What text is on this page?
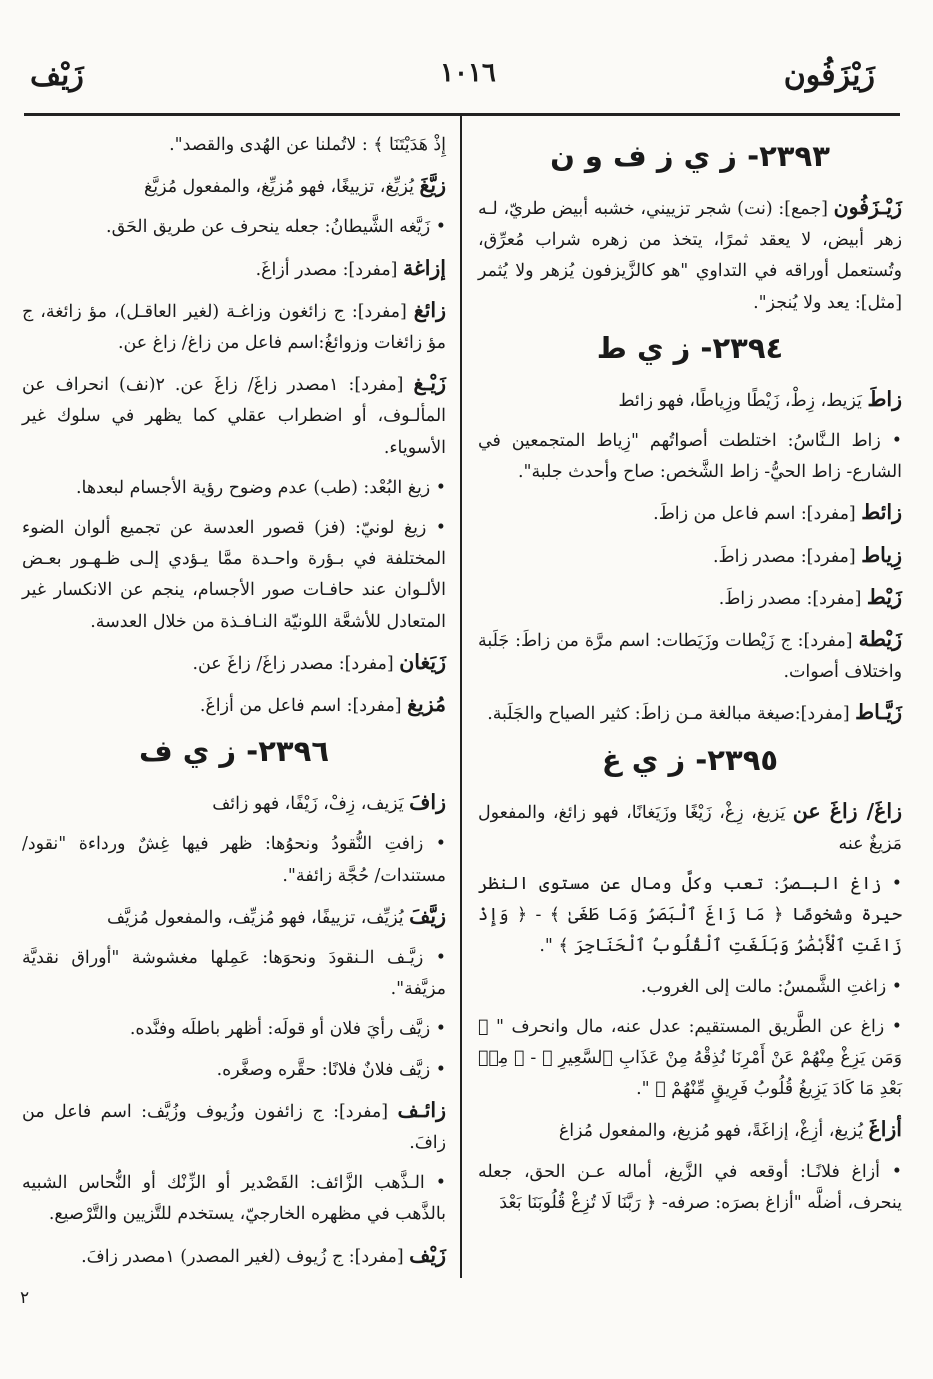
زَيْزَفُون
١٠١٦
زَيْف
٢٣٩٣- ز ي ز ف و ن

زَيْـزَفُون [جمع]: (نت) شجر تزييني، خشبه أبيض طريّ، لـه زهر أبيض، لا يعقد ثمرًا، يتخذ من زهره شراب مُعرِّق، وتُستعمل أوراقه في التداوي "هو كالزَّيزفون يُزهر ولا يُثمر [مثل]: يعد ولا يُنجز".

٢٣٩٤- ز ي ط

زاطَ يَزيط، زِطْ، زَيْطًا وزِياطًا، فهو زائط

• زاط الـنَّاسُ: اختلطت أصواتُهم "زِياط المتجمعين في الشارع- زاط الحيُّ- زاط الشَّخص: صاح وأحدث جلبة".

زائط [مفرد]: اسم فاعل من زاطَ.

زِياط [مفرد]: مصدر زاطَ.

زَيْط [مفرد]: مصدر زاطَ.

زَيْطة [مفرد]: ج زَيْطات وزَيَطات: اسم مرَّة من زاطَ: جَلَبة واختلاف أصوات.

زَيَّـاط [مفرد]:صيغة مبالغة مـن زاطَ: كثير الصياح والجَلَبة.

٢٣٩٥- ز ي غ

زاغَ/ زاغَ عن يَزيغ، زِغْ، زَيْغًا وزَيَغانًا، فهو زائغ، والمفعول مَزيغٌ عنه

• زاغ البـصرُ: تعب وكلَّ ومال عن مستوى النظر حيرة وشخوصًا ﴿ مَا زَاغَ ٱلْبَصَرُ وَمَا طَغَىٰ ﴾ - ﴿ وَإِذْ زَاغَتِ ٱلْأَبْصَٰرُ وَبَلَغَتِ ٱلْقُلُوبُ ٱلْحَنَاجِرَ ﴾ ".

• زاغتِ الشَّمسُ: مالت إلى الغروب.

• زاغ عن الطَّريق المستقيم: عدل عنه، مال وانحرف " ﴿ وَمَن يَزِغْ مِنْهُمْ عَنْ أَمْرِنَا نُذِقْهُ مِنْ عَذَابِ ٱلسَّعِيرِ ﴾ - ﴿ مِنۢ بَعْدِ مَا كَادَ يَزِيغُ قُلُوبُ فَرِيقٍ مِّنْهُمْ ﴾ ".

أزاغَ يُزيغ، أزِغْ، إزاغَةً، فهو مُزيغ، والمفعول مُزاغ

• أزاغ فلانًـا: أوقعه في الزَّيغ، أماله عـن الحق، جعله ينحرف، أضلَّه "أزاغ بصرَه: صرفه- ﴿ رَبَّنَا لَا تُزِغْ قُلُوبَنَا بَعْدَ

إِذْ هَدَيْتَنَا ﴾ : لاتُملنا عن الهُدى والقصد".

زيَّغَ يُزيِّغ، تزييغًا، فهو مُزيِّغ، والمفعول مُزيَّغ

• زَيَّغه الشَّيطانُ: جعله ينحرف عن طريق الحَق.

إزاغة [مفرد]: مصدر أزاغَ.

زائغ [مفرد]: ج زائغون وزاغـة (لغير العاقـل)، مؤ زائغة، ج مؤ زائغات وزوائغُ:اسم فاعل من زاغ/ زاغ عن.

زَيْـغ [مفرد]: ١مصدر زاغَ/ زاغَ عن. ٢(نف) انحراف عن المألـوف، أو اضطراب عقلي كما يظهر في سلوك غير الأسوياء.

• زيغ البُعْد: (طب) عدم وضوح رؤية الأجسام لبعدها.

• زيغ لونيّ: (فز) قصور العدسة عن تجميع ألوان الضوء المختلفة في بـؤرة واحـدة ممَّا يـؤدي إلـى ظـهـور بعـض الألـوان عند حافـات صور الأجسام، ينجم عن الانكسار غير المتعادل للأشعَّة اللونيّة النـافـذة من خلال العدسة.

زَيَغان [مفرد]: مصدر زاغَ/ زاغَ عن.

مُزيغ [مفرد]: اسم فاعل من أزاغَ.

٢٣٩٦- ز ي ف

زافَ يَزيف، زِفْ، زَيْفًا، فهو زائف

• زافتِ النُّقودُ ونحوُها: ظهر فيها غِشٌ ورداءة "نقود/ مستندات/ حُجَّة زائفة".

زيَّفَ يُزيِّف، تزييفًا، فهو مُزيِّف، والمفعول مُزيَّف

• زيَّـف الـنقودَ ونحوَها: عَمِلها مغشوشة "أوراق نقديَّة مزيَّفة".

• زيَّف رأيَ فلان أو قولَه: أظهر باطلَه وفنَّده.

• زيَّف فلانٌ فلانًا: حقَّره وصغَّره.

زائـف [مفرد]: ج زائفون وزُيوف وزُيَّف: اسم فاعل من زافَ.

• الـذَّهب الزَّائف: القَصْدير أو الزِّنْك أو النُّحاس الشبيه بالذَّهب في مظهره الخارجيّ، يستخدم للتَّزيين والتَّرْصيع.

زَيْف [مفرد]: ج زُيوف (لغير المصدر) ١مصدر زافَ.

٢
